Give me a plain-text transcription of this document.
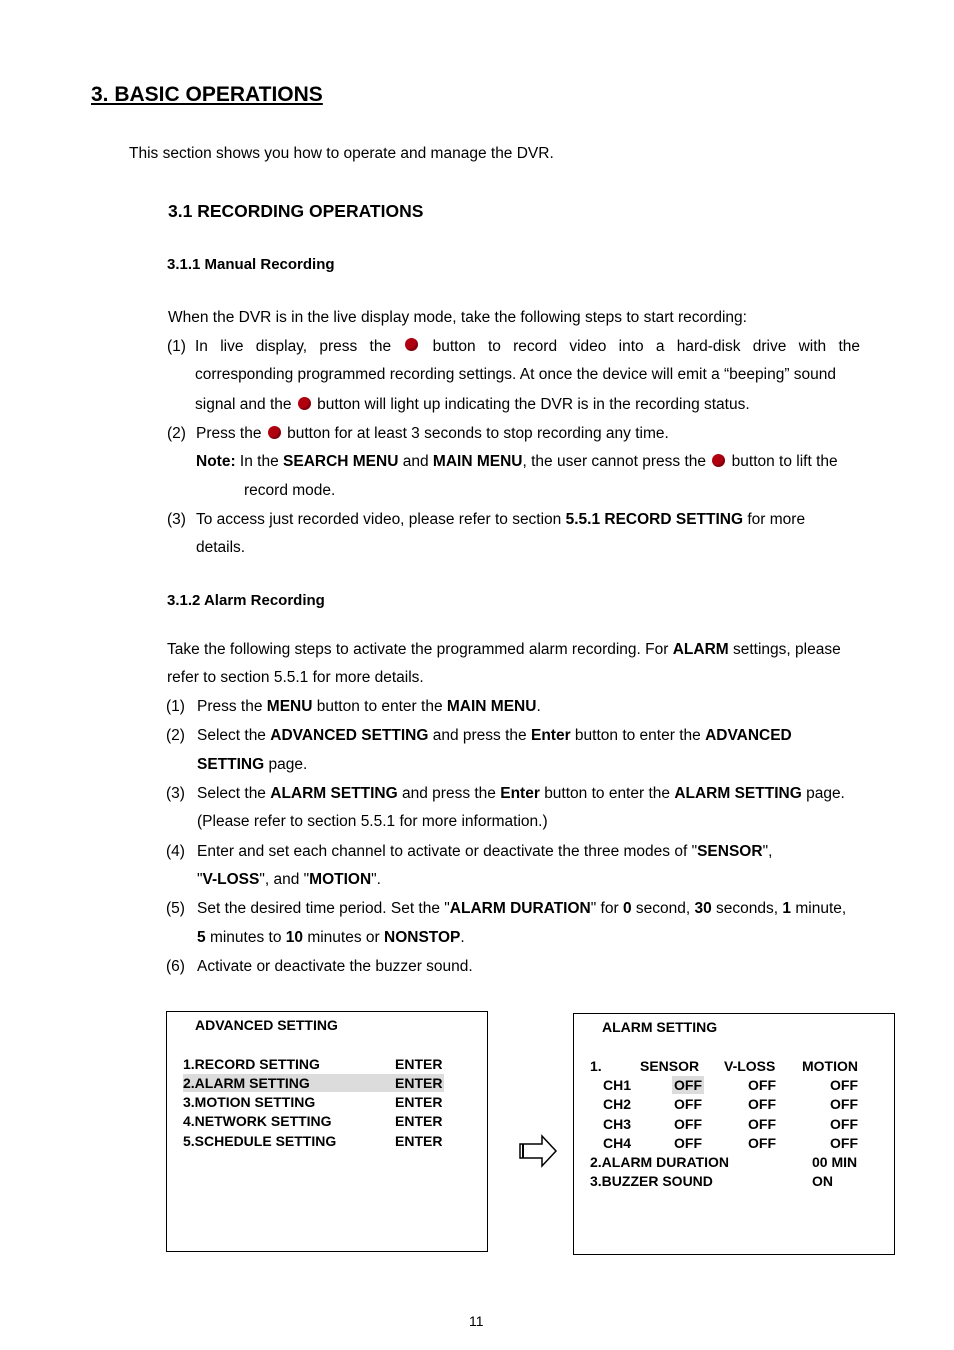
3. BASIC OPERATIONS
This section shows you how to operate and manage the DVR.
3.1 RECORDING OPERATIONS
3.1.1 Manual Recording
When the DVR is in the live display mode, take the following steps to start recording:
(1) In live display, press the	button to record video into a hard-disk drive with the
corresponding programmed recording settings. At once the device will emit a “beeping” sound
signal and the button will light up indicating the DVR is in the recording status.
(2) Press the button for at least 3 seconds to stop recording any time.
Note: In the SEARCH MENU and MAIN MENU, the user cannot press the button to lift the
record mode.
(3) To access just recorded video, please refer to section 5.5.1 RECORD SETTING for more
details.
3.1.2 Alarm Recording
Take the following steps to activate the programmed alarm recording. For ALARM settings, please
refer to section 5.5.1 for more details.
(1) Press the MENU button to enter the MAIN MENU.
(2) Select the ADVANCED SETTING and press the Enter button to enter the ADVANCED
SETTING page.
(3) Select the ALARM SETTING and press the Enter button to enter the ALARM SETTING page.
(Please refer to section 5.5.1 for more information.)
(4) Enter and set each channel to activate or deactivate the three modes of "SENSOR",
"V-LOSS", and "MOTION".
(5) Set the desired time period. Set the "ALARM DURATION" for 0 second, 30 seconds, 1 minute,
5 minutes to 10 minutes or NONSTOP.
(6) Activate or deactivate the buzzer sound.
ADVANCED SETTING
1.RECORD SETTING	ENTER
2.ALARM SETTING	ENTER
3.MOTION SETTING	ENTER
4.NETWORK SETTING	ENTER
5.SCHEDULE SETTING	ENTER
ALARM SETTING
1.	SENSOR V-LOSS MOTION
CH1	OFF	OFF	OFF
CH2	OFF	OFF	OFF
CH3	OFF	OFF	OFF
CH4	OFF	OFF	OFF
2.ALARM DURATION	00 MIN
3.BUZZER SOUND	ON
11
